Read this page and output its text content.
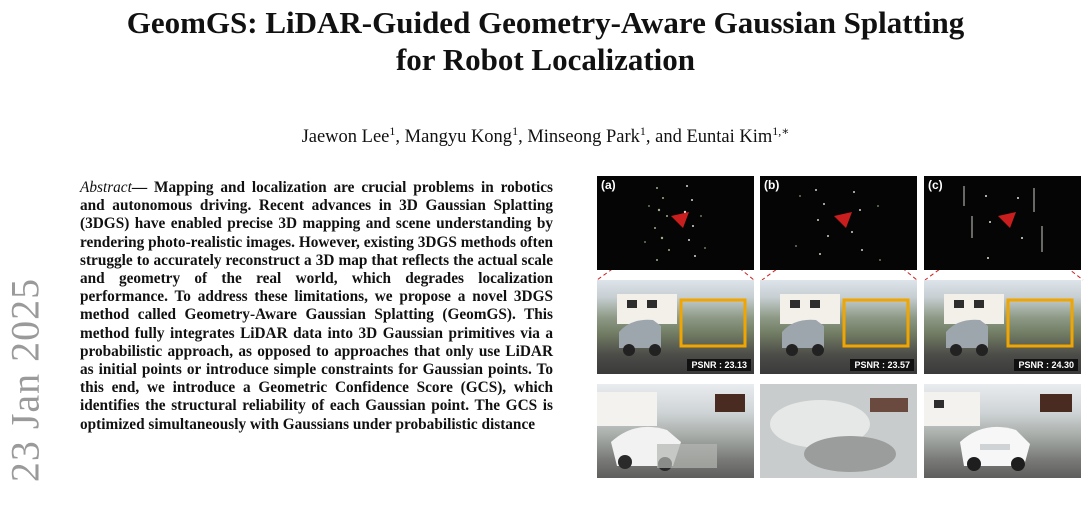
GeomGS: LiDAR-Guided Geometry-Aware Gaussian Splatting
for Robot Localization
Jaewon Lee$^1$, Mangyu Kong$^1$, Minseong Park$^1$, and Euntai Kim$^{1,∗}$
23 Jan 2025

Abstract— Mapping and localization are crucial problems in robotics and autonomous driving. Recent advances in 3D Gaussian Splatting (3DGS) have enabled precise 3D mapping and scene understanding by rendering photo-realistic images. However, existing 3DGS methods often struggle to accurately reconstruct a 3D map that reflects the actual scale and geometry of the real world, which degrades localization performance. To address these limitations, we propose a novel 3DGS method called Geometry-Aware Gaussian Splatting (GeomGS). This method fully integrates LiDAR data into 3D Gaussian primitives via a probabilistic approach, as opposed to approaches that only use LiDAR as initial points or introduce simple constraints for Gaussian points. To this end, we introduce a Geometric Confidence Score (GCS), which identifies the structural reliability of each Gaussian point. The GCS is optimized simultaneously with Gaussians under probabilistic distance

(a)	(b)	(c)
PSNR : 23.13	PSNR : 23.57	PSNR : 24.30
